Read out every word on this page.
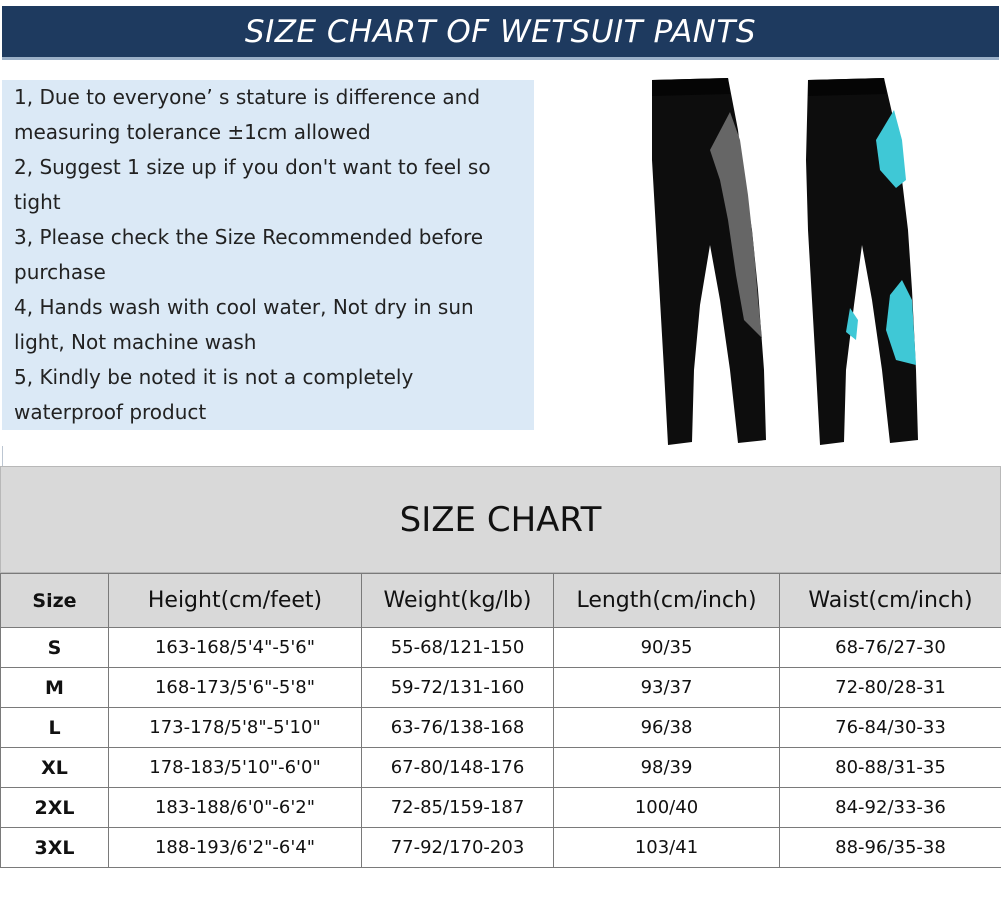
SIZE CHART OF WETSUIT PANTS
1, Due to everyone’ s stature is difference and
measuring tolerance ±1cm allowed
2, Suggest 1 size up if you don't want to feel so
tight
3, Please check the Size Recommended before
purchase
4, Hands wash with cool water, Not dry in sun
light, Not machine wash
5, Kindly be noted it is not a completely
waterproof product
SIZE CHART
Size	Height(cm/feet)	Weight(kg/lb)	Length(cm/inch)	Waist(cm/inch)
S	163-168/5'4"-5'6"	55-68/121-150	90/35	68-76/27-30
M	168-173/5'6"-5'8"	59-72/131-160	93/37	72-80/28-31
L	173-178/5'8"-5'10"	63-76/138-168	96/38	76-84/30-33
XL	178-183/5'10"-6'0"	67-80/148-176	98/39	80-88/31-35
2XL	183-188/6'0"-6'2"	72-85/159-187	100/40	84-92/33-36
3XL	188-193/6'2"-6'4"	77-92/170-203	103/41	88-96/35-38
